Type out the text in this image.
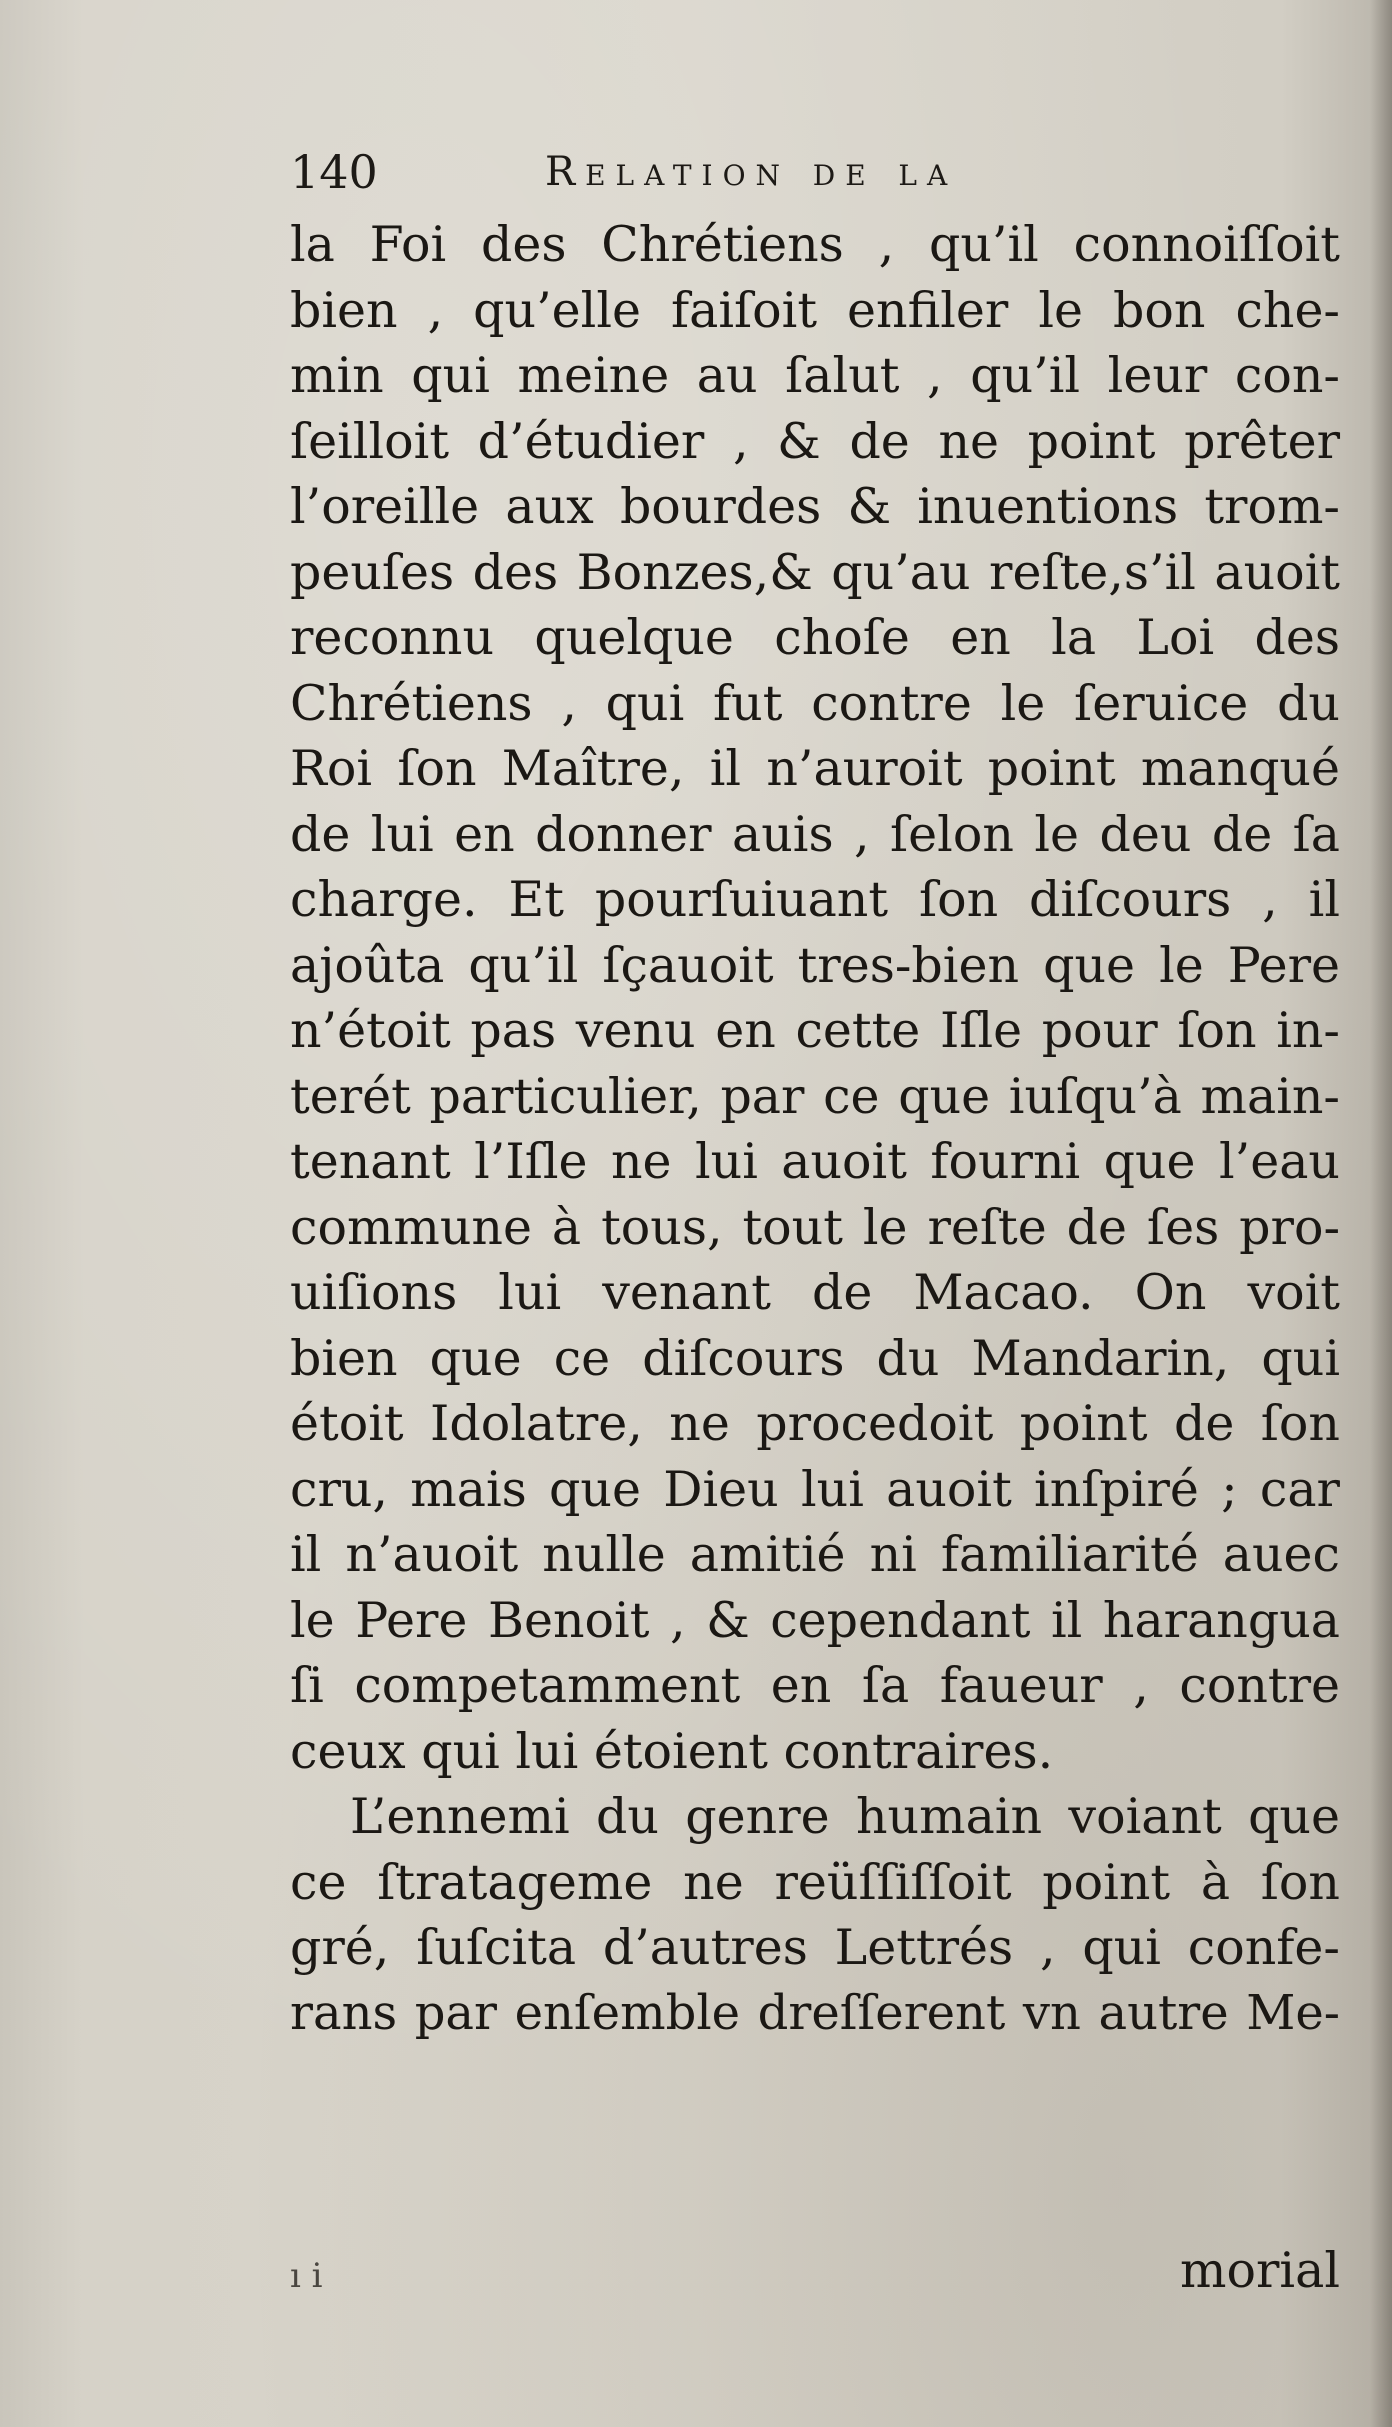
140	Relation de la
la Foi des Chrétiens , qu’il connoiſſoit
bien , qu’elle faiſoit enfiler le bon che-
min qui meine au ſalut , qu’il leur con-
ſeilloit d’étudier , & de ne point prêter
l’oreille aux bourdes & inuentions trom-
peuſes des Bonzes,& qu’au reſte,s’il auoit
reconnu quelque choſe en la Loi des
Chrétiens , qui fut contre le ſeruice du
Roi ſon Maître, il n’auroit point manqué
de lui en donner auis , ſelon le deu de ſa
charge. Et pourſuiuant ſon diſcours , il
ajoûta qu’il ſçauoit tres-bien que le Pere
n’étoit pas venu en cette Iſle pour ſon in-
terét particulier, par ce que iuſqu’à main-
tenant l’Iſle ne lui auoit fourni que l’eau
commune à tous, tout le reſte de ſes pro-
uiſions lui venant de Macao. On voit
bien que ce diſcours du Mandarin, qui
étoit Idolatre, ne procedoit point de ſon
cru, mais que Dieu lui auoit inſpiré ; car
il n’auoit nulle amitié ni familiarité auec
le Pere Benoit , & cependant il harangua
ſi competamment en ſa faueur , contre
ceux qui lui étoient contraires.
L’ennemi du genre humain voiant que
ce ſtratageme ne reüſſiſſoit point à ſon
gré, ſuſcita d’autres Lettrés , qui confe-
rans par enſemble dreſſerent vn autre Me-
ı i	morial
